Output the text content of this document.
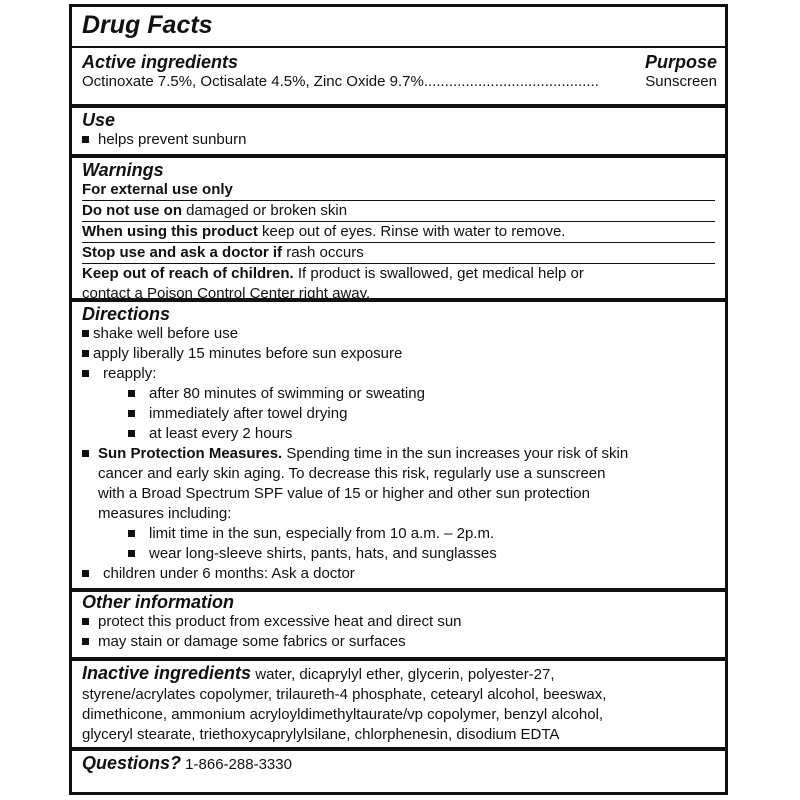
Drug Facts
Active ingredients	Purpose
Octinoxate 7.5%, Octisalate 4.5%, Zinc Oxide 9.7% ..........................................	Sunscreen
Use
helps prevent sunburn
Warnings
For external use only
Do not use on damaged or broken skin
When using this product keep out of eyes. Rinse with water to remove.
Stop use and ask a doctor if rash occurs
Keep out of reach of children. If product is swallowed, get medical help or
contact a Poison Control Center right away.
Directions
shake well before use
apply liberally 15 minutes before sun exposure
reapply:
after 80 minutes of swimming or sweating
immediately after towel drying
at least every 2 hours
Sun Protection Measures. Spending time in the sun increases your risk of skin
cancer and early skin aging. To decrease this risk, regularly use a sunscreen
with a Broad Spectrum SPF value of 15 or higher and other sun protection
measures including:
limit time in the sun, especially from 10 a.m. – 2p.m.
wear long-sleeve shirts, pants, hats, and sunglasses
children under 6 months: Ask a doctor
Other information
protect this product from excessive heat and direct sun
may stain or damage some fabrics or surfaces
Inactive ingredients water, dicaprylyl ether, glycerin, polyester-27,
styrene/acrylates copolymer, trilaureth-4 phosphate, cetearyl alcohol, beeswax,
dimethicone, ammonium acryloyldimethyltaurate/vp copolymer, benzyl alcohol,
glyceryl stearate, triethoxycaprylylsilane, chlorphenesin, disodium EDTA
Questions? 1-866-288-3330
